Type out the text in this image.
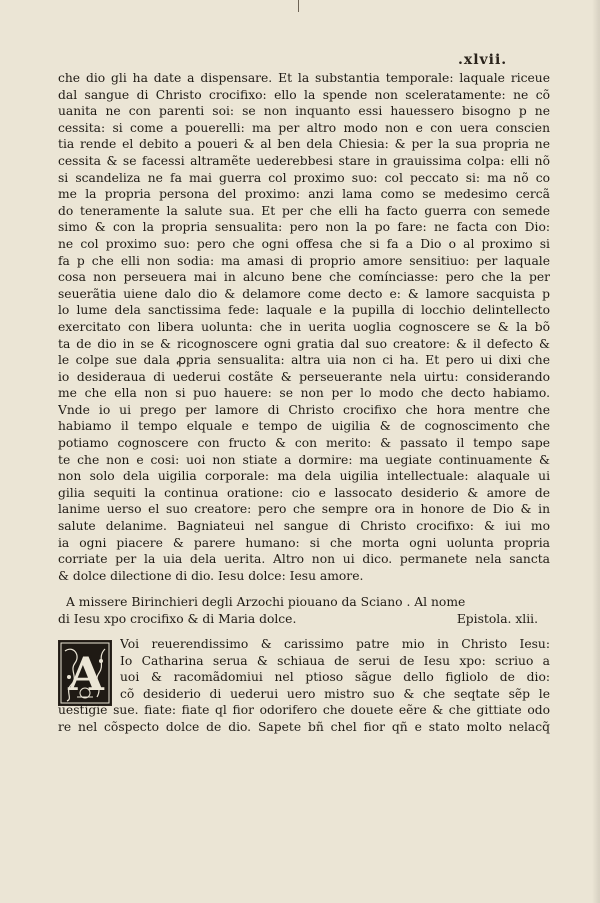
.xlvii.
che dio gli ha date a dispensare. Et la substantia temporale: laquale riceue
dal sangue di Christo crocifixo: ello la spende non sceleratamente: ne cõ
uanita ne con parenti soi: se non inquanto essi hauessero bisogno p ne
cessita: si come a pouerelli: ma per altro modo non e con uera conscien
tia rende el debito a poueri & al ben dela Chiesia: & per la sua propria ne
cessita & se facessi altramẽte uederebbesi stare in grauissima colpa: elli nõ
si scandeliza ne fa mai guerra col proximo suo: col peccato si: ma nõ co
me la propria persona del proximo: anzi lama como se medesimo cercã
do teneramente la salute sua. Et per che elli ha facto guerra con semede
simo & con la propria sensualita: pero non la po fare: ne facta con Dio:
ne col proximo suo: pero che ogni offesa che si fa a Dio o al proximo si
fa p che elli non sodia: ma amasi di proprio amore sensitiuo: per laquale
cosa non perseuera mai in alcuno bene che comínciasse: pero che la per
seuerãtia uiene dalo dio & delamore come decto e: & lamore sacquista p
lo lume dela sanctissima fede: laquale e la pupilla di locchio delintellecto
exercitato con libera uolunta: che in uerita uoglia cognoscere se & la bõ
ta de dio in se & ricognoscere ogni gratia dal suo creatore: & il defecto &
le colpe sue dala ꝓpria sensualita: altra uia non ci ha. Et pero ui dixi che
io desideraua di uederui costãte & perseuerante nela uirtu: considerando
me che ella non si puo hauere: se non per lo modo che decto habiamo.
Vnde io ui prego per lamore di Christo crocifixo che hora mentre che
habiamo il tempo elquale e tempo de uigilia & de cognoscimento che
potiamo cognoscere con fructo & con merito: & passato il tempo sape
te che non e cosi: uoi non stiate a dormire: ma uegiate continuamente &
non solo dela uigilia corporale: ma dela uigilia intellectuale: alaquale ui
gilia sequiti la continua oratione: cio e lassocato desiderio & amore de
lanime uerso el suo creatore: pero che sempre ora in honore de Dio & in
salute delanime. Bagniateui nel sangue di Christo crocifixo: & iui mo
ia ogni piacere & parere humano: si che morta ogni uolunta propria
corriate per la uia dela uerita. Altro non ui dico. permanete nela sancta
& dolce dilectione di dio. Iesu dolce: Iesu amore.
A missere Birinchieri degli Arzochi piouano da Sciano . Al nome
di Iesu xpo crocifixo & di Maria dolce.	Epistola. xlii.
A
Voi reuerendissimo & carissimo patre mio in Christo Iesu:
Io Catharina serua & schiaua de serui de Iesu xpo: scriuo a
uoi & racomãdomiui nel ptioso sãgue dello figliolo de dio:
cõ desiderio di uederui uero mistro suo & che seqtate sẽp le
uestigie sue. fiate: fiate ql fior odorifero che douete eẽre & che gittiate odo
re nel cõspecto dolce de dio. Sapete bñ chel fior qñ e stato molto nelacq̃
